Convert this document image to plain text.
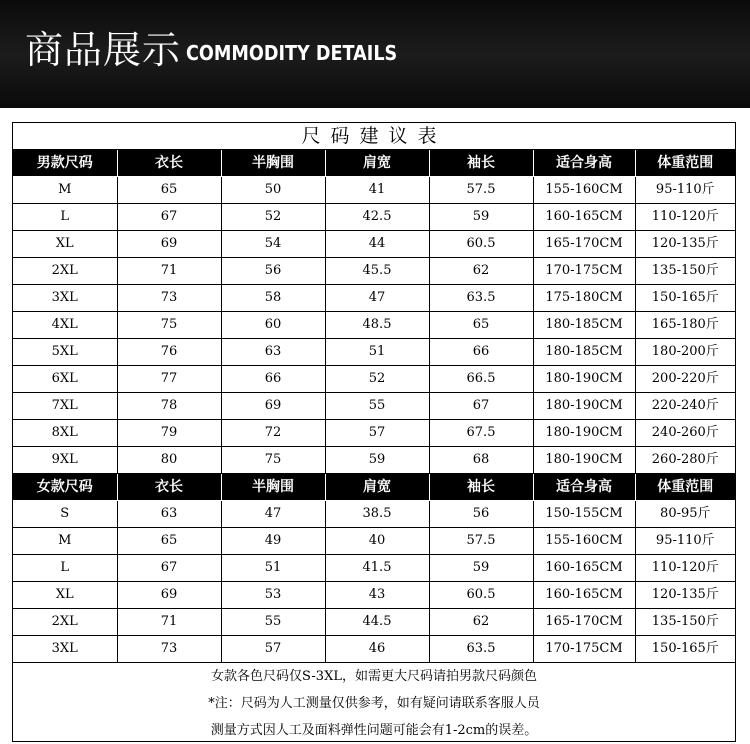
商品展示 COMMODITY DETAILS
尺码建议表						
男款尺码	衣长	半胸围	肩宽	袖长	适合身高	体重范围
M	65	50	41	57.5	155-160CM	95-110斤
L	67	52	42.5	59	160-165CM	110-120斤
XL	69	54	44	60.5	165-170CM	120-135斤
2XL	71	56	45.5	62	170-175CM	135-150斤
3XL	73	58	47	63.5	175-180CM	150-165斤
4XL	75	60	48.5	65	180-185CM	165-180斤
5XL	76	63	51	66	180-185CM	180-200斤
6XL	77	66	52	66.5	180-190CM	200-220斤
7XL	78	69	55	67	180-190CM	220-240斤
8XL	79	72	57	67.5	180-190CM	240-260斤
9XL	80	75	59	68	180-190CM	260-280斤
女款尺码	衣长	半胸围	肩宽	袖长	适合身高	体重范围
S	63	47	38.5	56	150-155CM	80-95斤
M	65	49	40	57.5	155-160CM	95-110斤
L	67	51	41.5	59	160-165CM	110-120斤
XL	69	53	43	60.5	160-165CM	120-135斤
2XL	71	55	44.5	62	165-170CM	135-150斤
3XL	73	57	46	63.5	170-175CM	150-165斤
女款各色尺码仅S-3XL，如需更大尺码请拍男款尺码颜色
*注：尺码为人工测量仅供参考，如有疑问请联系客服人员
测量方式因人工及面料弹性问题可能会有1-2cm的误差。
